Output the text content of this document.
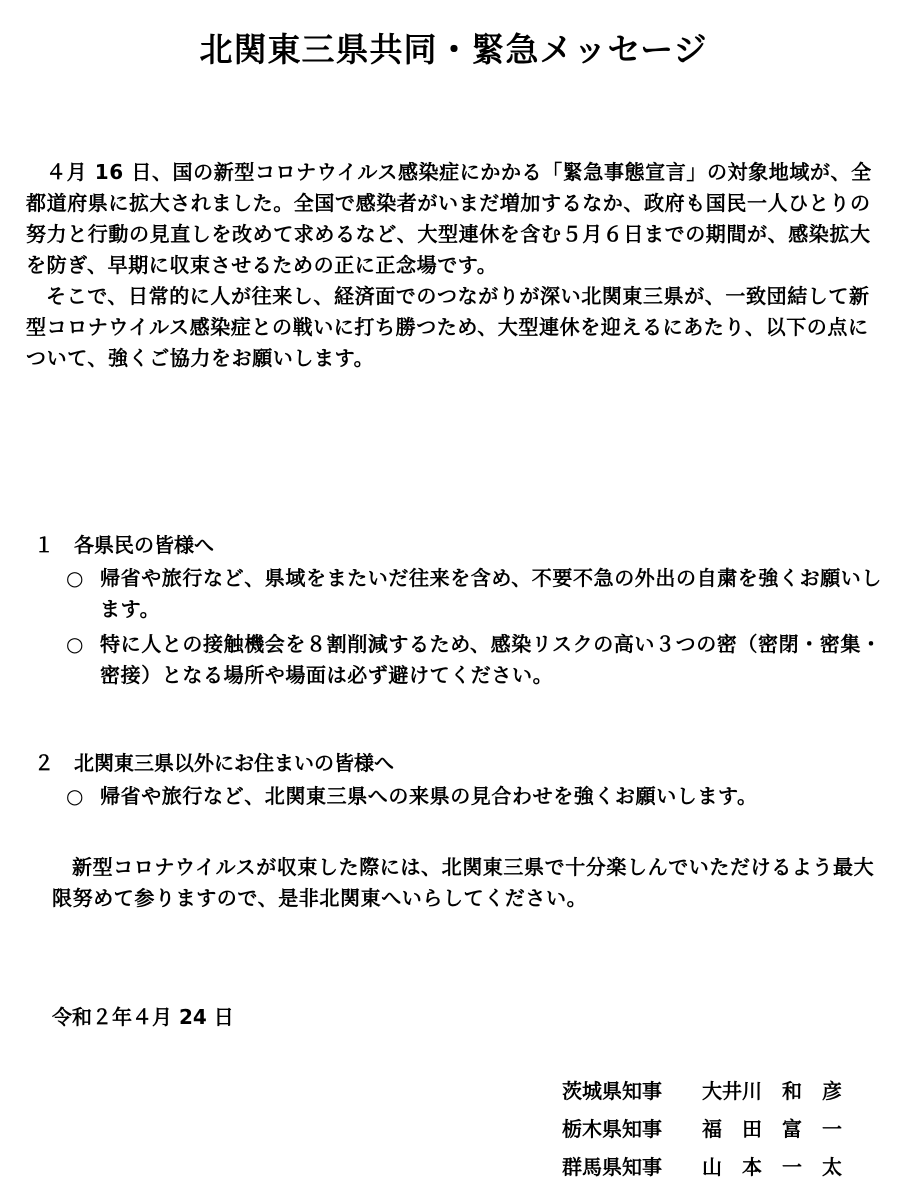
北関東三県共同・緊急メッセージ

４月 16 日、国の新型コロナウイルス感染症にかかる「緊急事態宣言」の対象地域が、全都道府県に拡大されました。全国で感染者がいまだ増加するなか、政府も国民一人ひとりの努力と行動の見直しを改めて求めるなど、大型連休を含む５月６日までの期間が、感染拡大を防ぎ、早期に収束させるための正に正念場です。

そこで、日常的に人が往来し、経済面でのつながりが深い北関東三県が、一致団結して新型コロナウイルス感染症との戦いに打ち勝つため、大型連休を迎えるにあたり、以下の点について、強くご協力をお願いします。

１ 各県民の皆様へ
○ 帰省や旅行など、県域をまたいだ往来を含め、不要不急の外出の自粛を強くお願いします。
○ 特に人との接触機会を８割削減するため、感染リスクの高い３つの密（密閉・密集・密接）となる場所や場面は必ず避けてください。
２ 北関東三県以外にお住まいの皆様へ
○ 帰省や旅行など、北関東三県への来県の見合わせを強くお願いします。

新型コロナウイルスが収束した際には、北関東三県で十分楽しんでいただけるよう最大限努めて参りますので、是非北関東へいらしてください。

令和２年４月 24 日
茨城県知事	大井川　和　彦
栃木県知事	福　田　富　一
群馬県知事	山　本　一　太
